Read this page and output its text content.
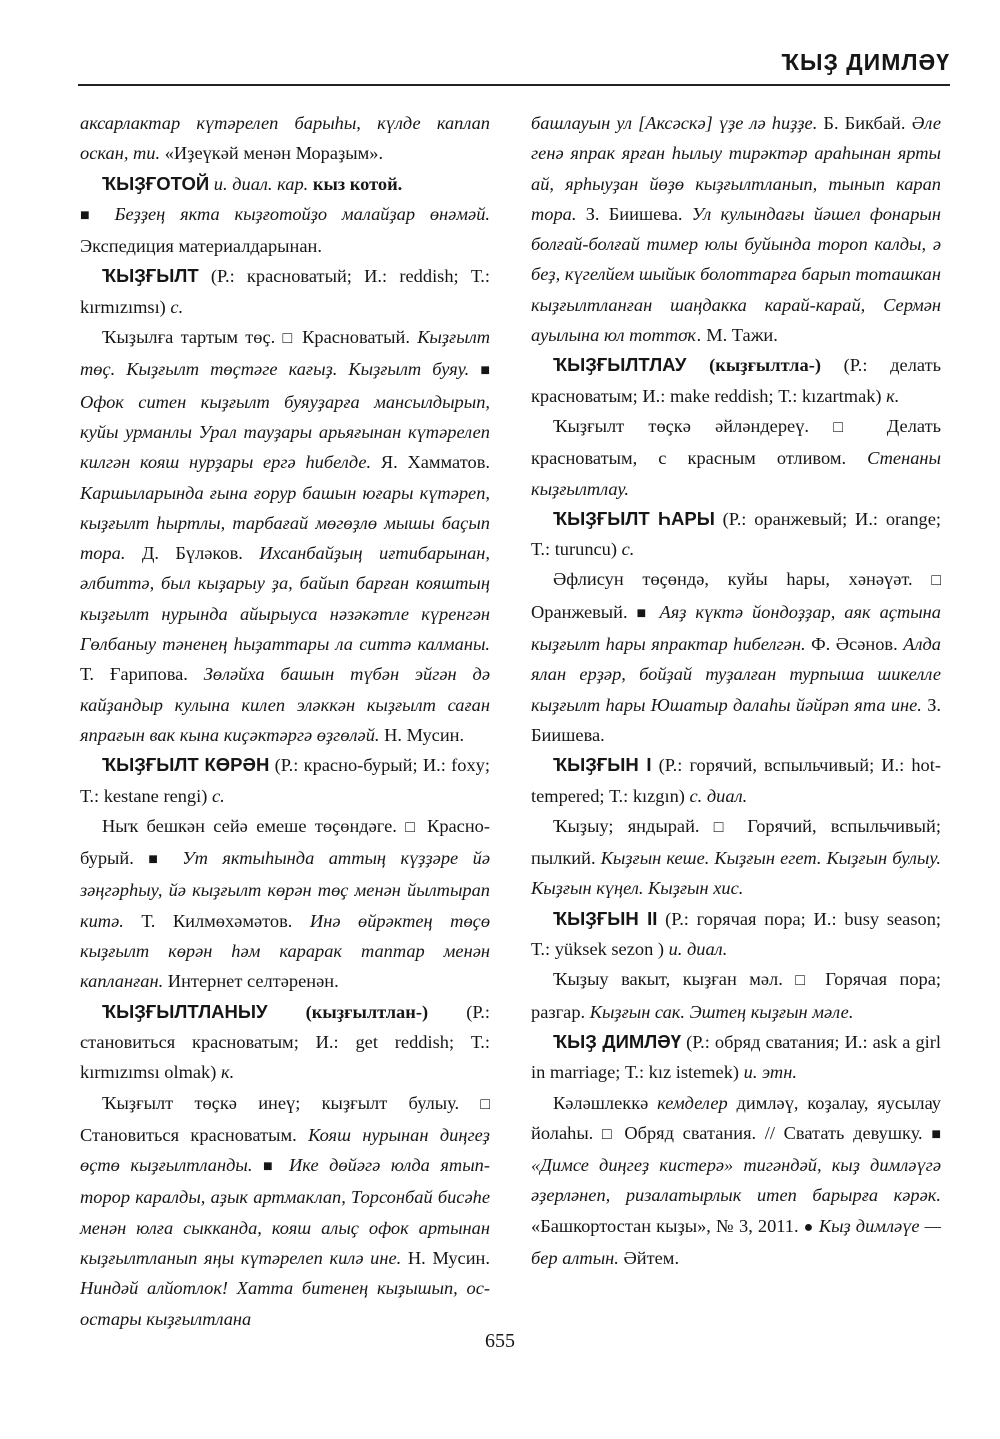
ҠЫҘ ДИМЛӘҮ

аксарлактар күтәрелеп барыһы, күлде каплап оскан, ти. «Иҙеүкәй менән Мораҙым».

ҠЫҘҒОТОЙ и. диал. кар. кыз котой.

■ Беҙҙең якта кыҙғотойҙо малайҙар өнәмәй. Экспедиция материалдарынан.

ҠЫҘҒЫЛТ (Р.: красноватый; И.: reddish; Т.: kırmızımsı) с.

Ҡыҙылға тартым төҫ. □ Красноватый. Кыҙғылт төҫ. Кыҙғылт төҫтәге кағыҙ. Кыҙғылт буяу. ■ Офок ситен кыҙғылт буяуҙарға мансылдырып, куйы урманлы Урал тауҙары арьяғынан күтәрелеп килгән кояш нурҙары ергә һибелде. Я. Хамматов. Каршыларында ғына ғорур башын юғары күтәреп, кыҙғылт һыртлы, тарбағай мөгөҙлө мышы баҫып тора. Д. Бүләков. Ихсанбайҙың иғтибарынан, әлбиттә, был кыҙарыу ҙа, байып барған кояштың кыҙғылт нурында айырыуса нәзәкәтле күренгән Гөлбаныу тәненең һыҙаттары ла ситтә калманы. Т. Ғарипова. Зөләйха башын түбән эйгән дә кайҙандыр кулына килеп эләккән кыҙғылт саған япрағын вак кына киҫәктәргә өҙгөләй. Н. Мусин.

ҠЫҘҒЫЛТ КӨРӘН (Р.: красно-бурый; И.: foxy; Т.: kestane rengi) с.

Ныҡ бешкән сейә емеше төҫөндәге. □ Красно-бурый. ■ Ут яктыһында аттың күҙҙәре йә зәңгәрһыу, йә кыҙғылт көрән төҫ менән йылтырап китә. Т. Килмөхәмәтов. Инә өйрәктең төҫө кыҙғылт көрән һәм карарак таптар менән капланған. Интернет селтәренән.

ҠЫҘҒЫЛТЛАНЫУ (кыҙғылтлан-) (Р.: становиться красноватым; И.: get reddish; Т.: kırmızımsı olmak) к.

Ҡыҙғылт төҫкә инеү; кыҙғылт булыу. □ Становиться красноватым. Кояш нурынан диңгеҙ өҫтө кыҙғылтланды. ■ Ике дөйәгә юлда ятып-торор каралды, аҙык артмаклап, Торсонбай бисәһе менән юлға сыкканда, кояш алыҫ офок артынан кыҙғылтланып яңы күтәрелеп килә ине. Н. Мусин. Ниндәй алйотлок! Хатта битенең кыҙышып, ос-остары кыҙғылтлана

башлауын ул [Аксәскә] үҙе лә һиҙҙе. Б. Бикбай. Әле генә япрак ярған һылыу тирәктәр араһынан ярты ай, ярһыуҙан йөҙө кыҙғылтланып, тынып карап тора. З. Биишева. Ул кулындағы йәшел фонарын болғай-болғай тимер юлы буйында тороп калды, ә беҙ, күгелйем шыйык болоттарға барып тоташкан кыҙғылтланған шаңдакка карай-карай, Сермән ауылына юл тоттоҡ. М. Тажи.

ҠЫҘҒЫЛТЛАУ (кыҙғылтла-) (Р.: делать красноватым; И.: make reddish; Т.: kızartmak) к.

Ҡыҙғылт төҫкә әйләндереү. □ Делать красноватым, с красным отливом. Стенаны кыҙғылтлау.

ҠЫҘҒЫЛТ ҺАРЫ (Р.: оранжевый; И.: orange; Т.: turuncu) с.

Әфлисун төҫөндә, куйы һары, хәнәүәт. □ Оранжевый. ■ Аяҙ күктә йондоҙҙар, аяк аҫтына кыҙғылт һары япрактар һибелгән. Ф. Әсәнов. Алда ялан ерҙәр, бойҙай туҙалған турпыша шикелле кыҙғылт һары Юшатыр далаһы йәйрәп ята ине. З. Биишева.

ҠЫҘҒЫН I (Р.: горячий, вспыльчивый; И.: hot-tempered; Т.: kızgın) с. диал.

Ҡыҙыу; яндырай. □ Горячий, вспыльчивый; пылкий. Кыҙғын кеше. Кыҙғын егет. Кыҙғын булыу. Кыҙғын күңел. Кыҙғын хис.

ҠЫҘҒЫН II (Р.: горячая пора; И.: busy season; Т.: yüksek sezon ) и. диал.

Ҡыҙыу вакыт, кыҙған мәл. □ Горячая пора; разгар. Кыҙғын сак. Эштең кыҙғын мәле.

ҠЫҘ ДИМЛӘҮ (Р.: обряд сватания; И.: ask a girl in marriage; Т.: kız istemek) и. этн.

Кәләшлеккә кемделер димләү, коҙалау, яусылау йолаһы. □ Обряд сватания. // Сватать девушку. ■ «Димсе диңгеҙ кистерә» тигәндәй, кыҙ димләүгә әҙерләнеп, ризалатырлык итеп барырға кәрәк. «Башкортостан кыҙы», № 3, 2011. ● Кыҙ димләүе — бер алтын. Әйтем.

655
